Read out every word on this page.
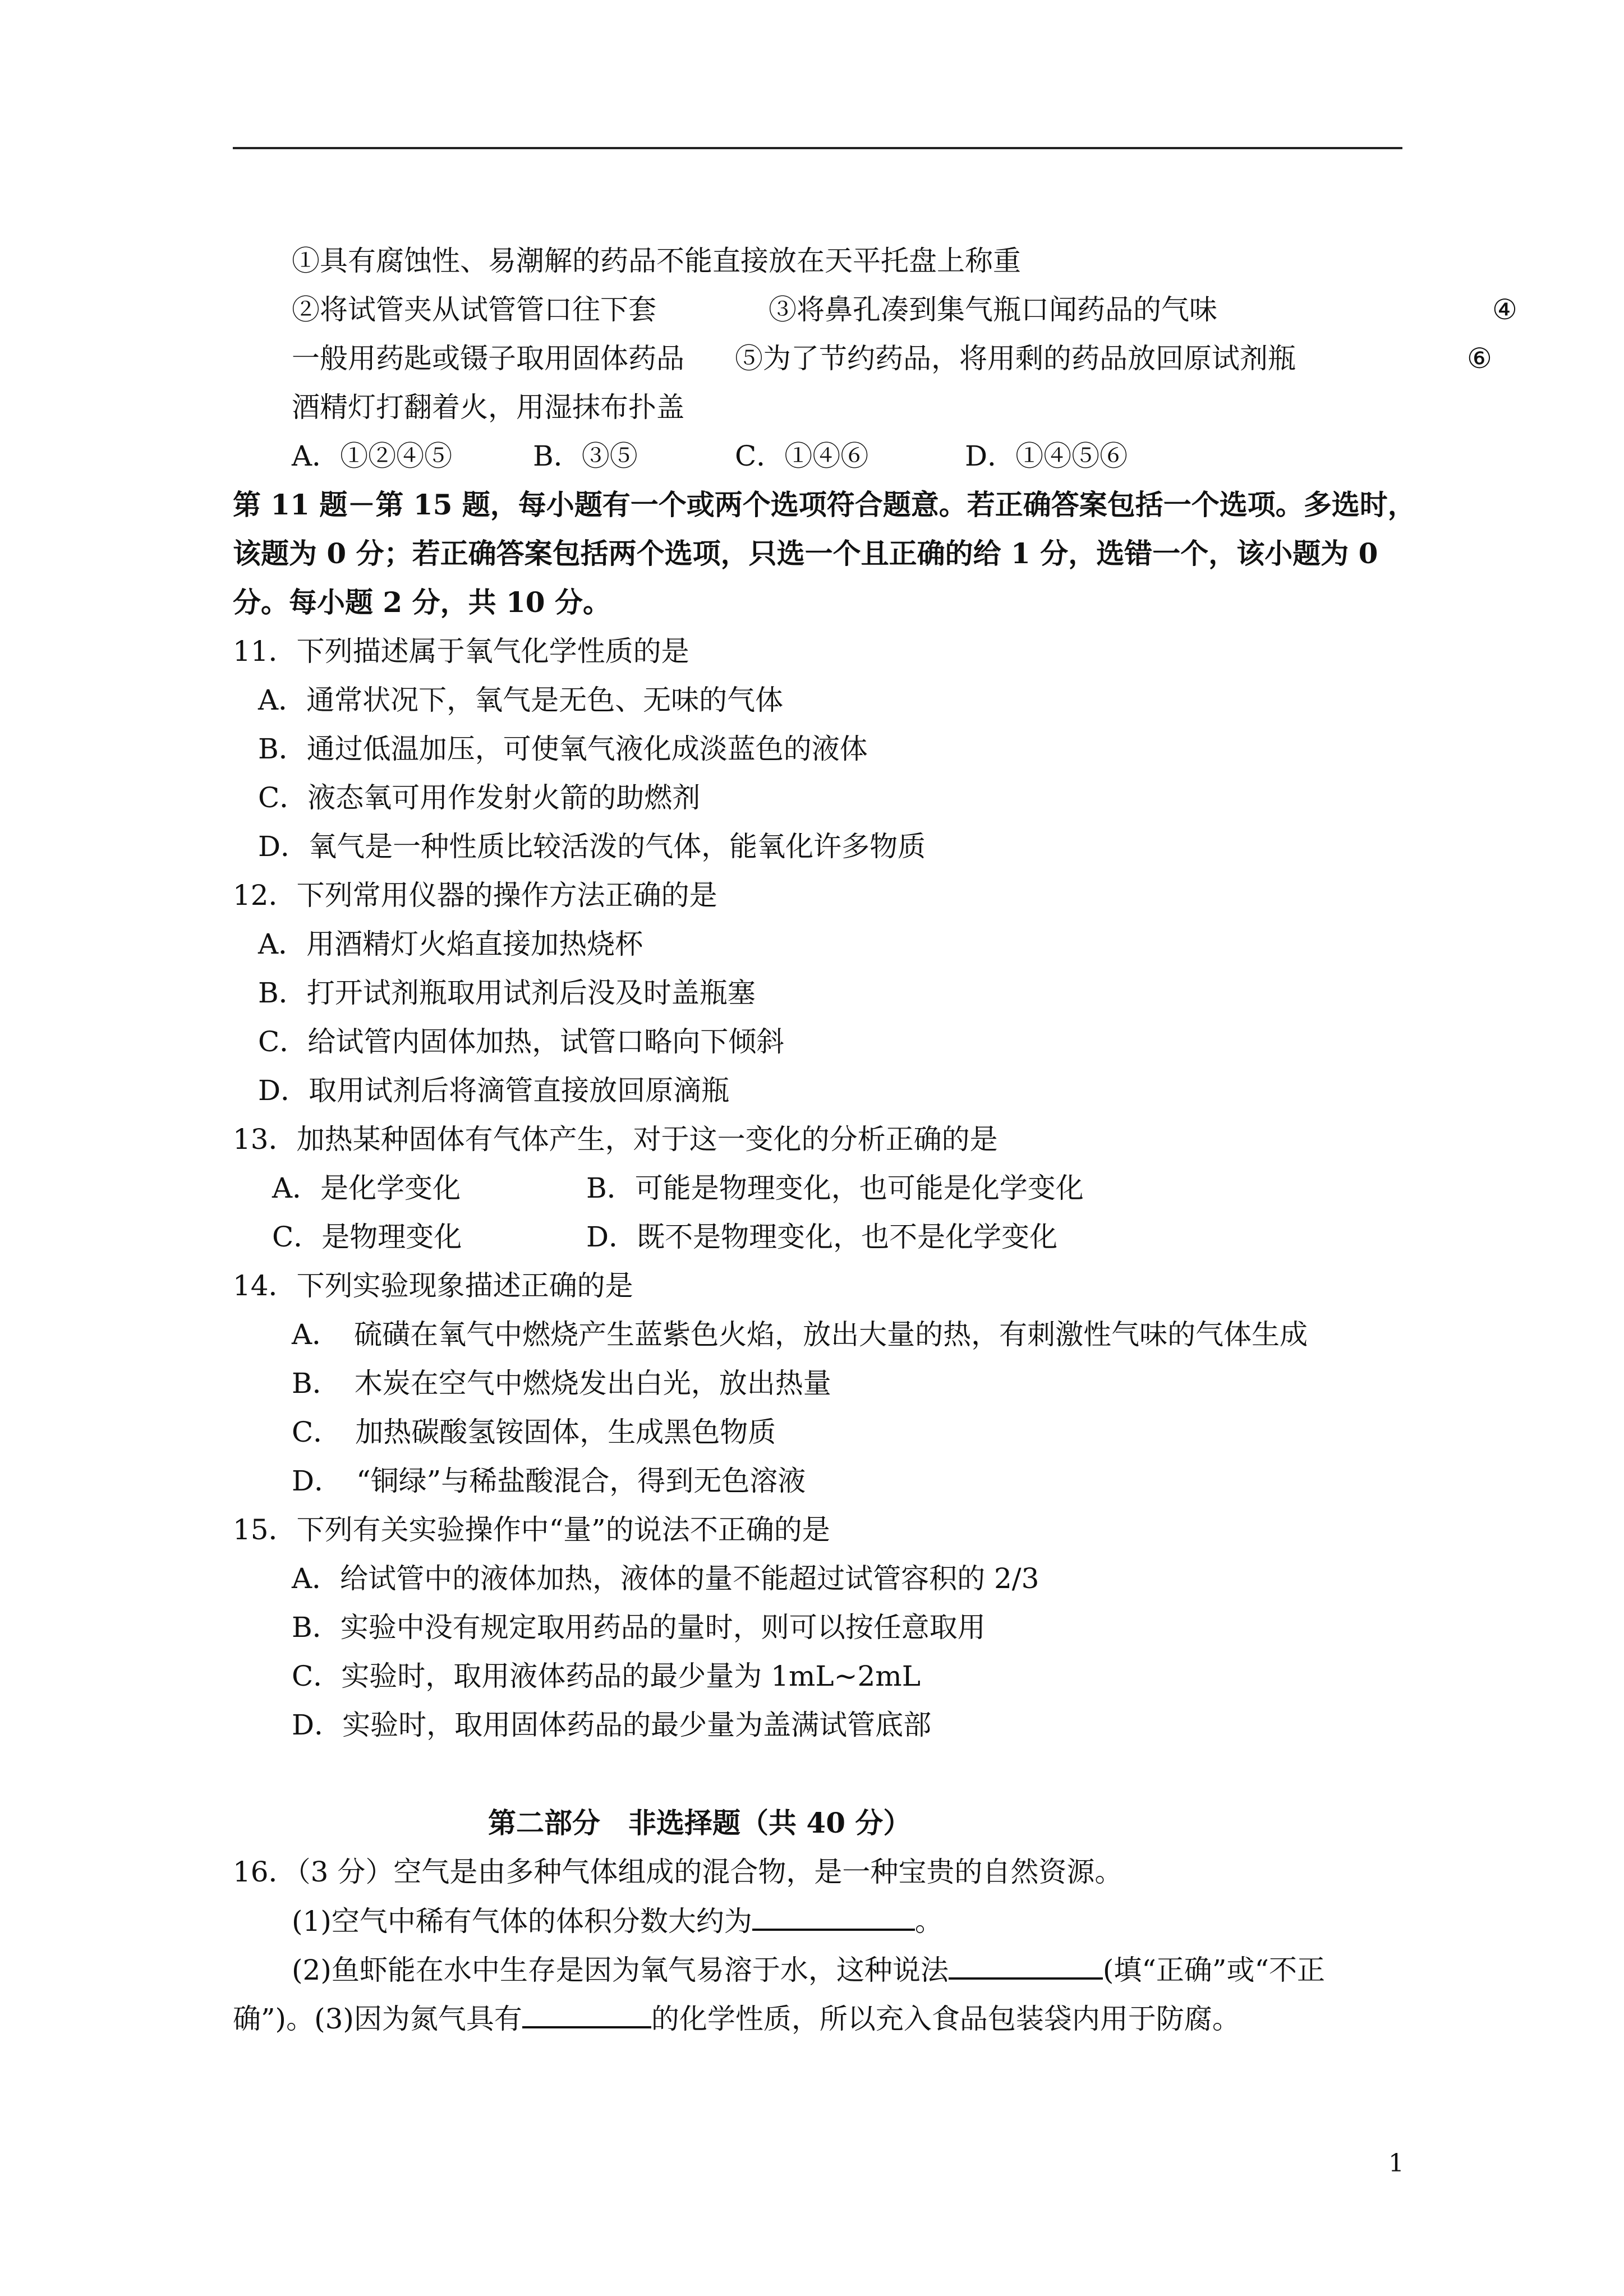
①具有腐蚀性、易潮解的药品不能直接放在天平托盘上称重
②将试管夹从试管管口往下套	③将鼻孔凑到集气瓶口闻药品的气味	④
一般用药匙或镊子取用固体药品 ⑤为了节约药品，将用剩的药品放回原试剂瓶	⑥
酒精灯打翻着火，用湿抹布扑盖
A．①②④⑤	B．③⑤	C．①④⑥	D．①④⑤⑥
第 11 题－第 15 题，每小题有一个或两个选项符合题意。若正确答案包括一个选项。多选时，
该题为 0 分；若正确答案包括两个选项，只选一个且正确的给 1 分，选错一个，该小题为 0
分。每小题 2 分，共 10 分。
11．下列描述属于氧气化学性质的是
A．通常状况下，氧气是无色、无味的气体
B．通过低温加压，可使氧气液化成淡蓝色的液体
C．液态氧可用作发射火箭的助燃剂
D．氧气是一种性质比较活泼的气体，能氧化许多物质
12．下列常用仪器的操作方法正确的是
A．用酒精灯火焰直接加热烧杯
B．打开试剂瓶取用试剂后没及时盖瓶塞
C．给试管内固体加热，试管口略向下倾斜
D．取用试剂后将滴管直接放回原滴瓶
13．加热某种固体有气体产生，对于这一变化的分析正确的是
A．是化学变化	B．可能是物理变化，也可能是化学变化
C．是物理变化	D．既不是物理变化，也不是化学变化
14．下列实验现象描述正确的是
A．　硫磺在氧气中燃烧产生蓝紫色火焰，放出大量的热，有刺激性气味的气体生成
B．　木炭在空气中燃烧发出白光，放出热量
C．　加热碳酸氢铵固体，生成黑色物质
D．　“铜绿”与稀盐酸混合，得到无色溶液
15．下列有关实验操作中“量”的说法不正确的是
A．给试管中的液体加热，液体的量不能超过试管容积的 2/3
B．实验中没有规定取用药品的量时，则可以按任意取用
C．实验时，取用液体药品的最少量为 1mL~2mL
D．实验时，取用固体药品的最少量为盖满试管底部
第二部分　非选择题（共 40 分）
16．（3 分）空气是由多种气体组成的混合物，是一种宝贵的自然资源。
(1)空气中稀有气体的体积分数大约为	。
(2)鱼虾能在水中生存是因为氧气易溶于水，这种说法	(填“正确”或“不正
确”)。(3)因为氮气具有	的化学性质，所以充入食品包装袋内用于防腐。
1
